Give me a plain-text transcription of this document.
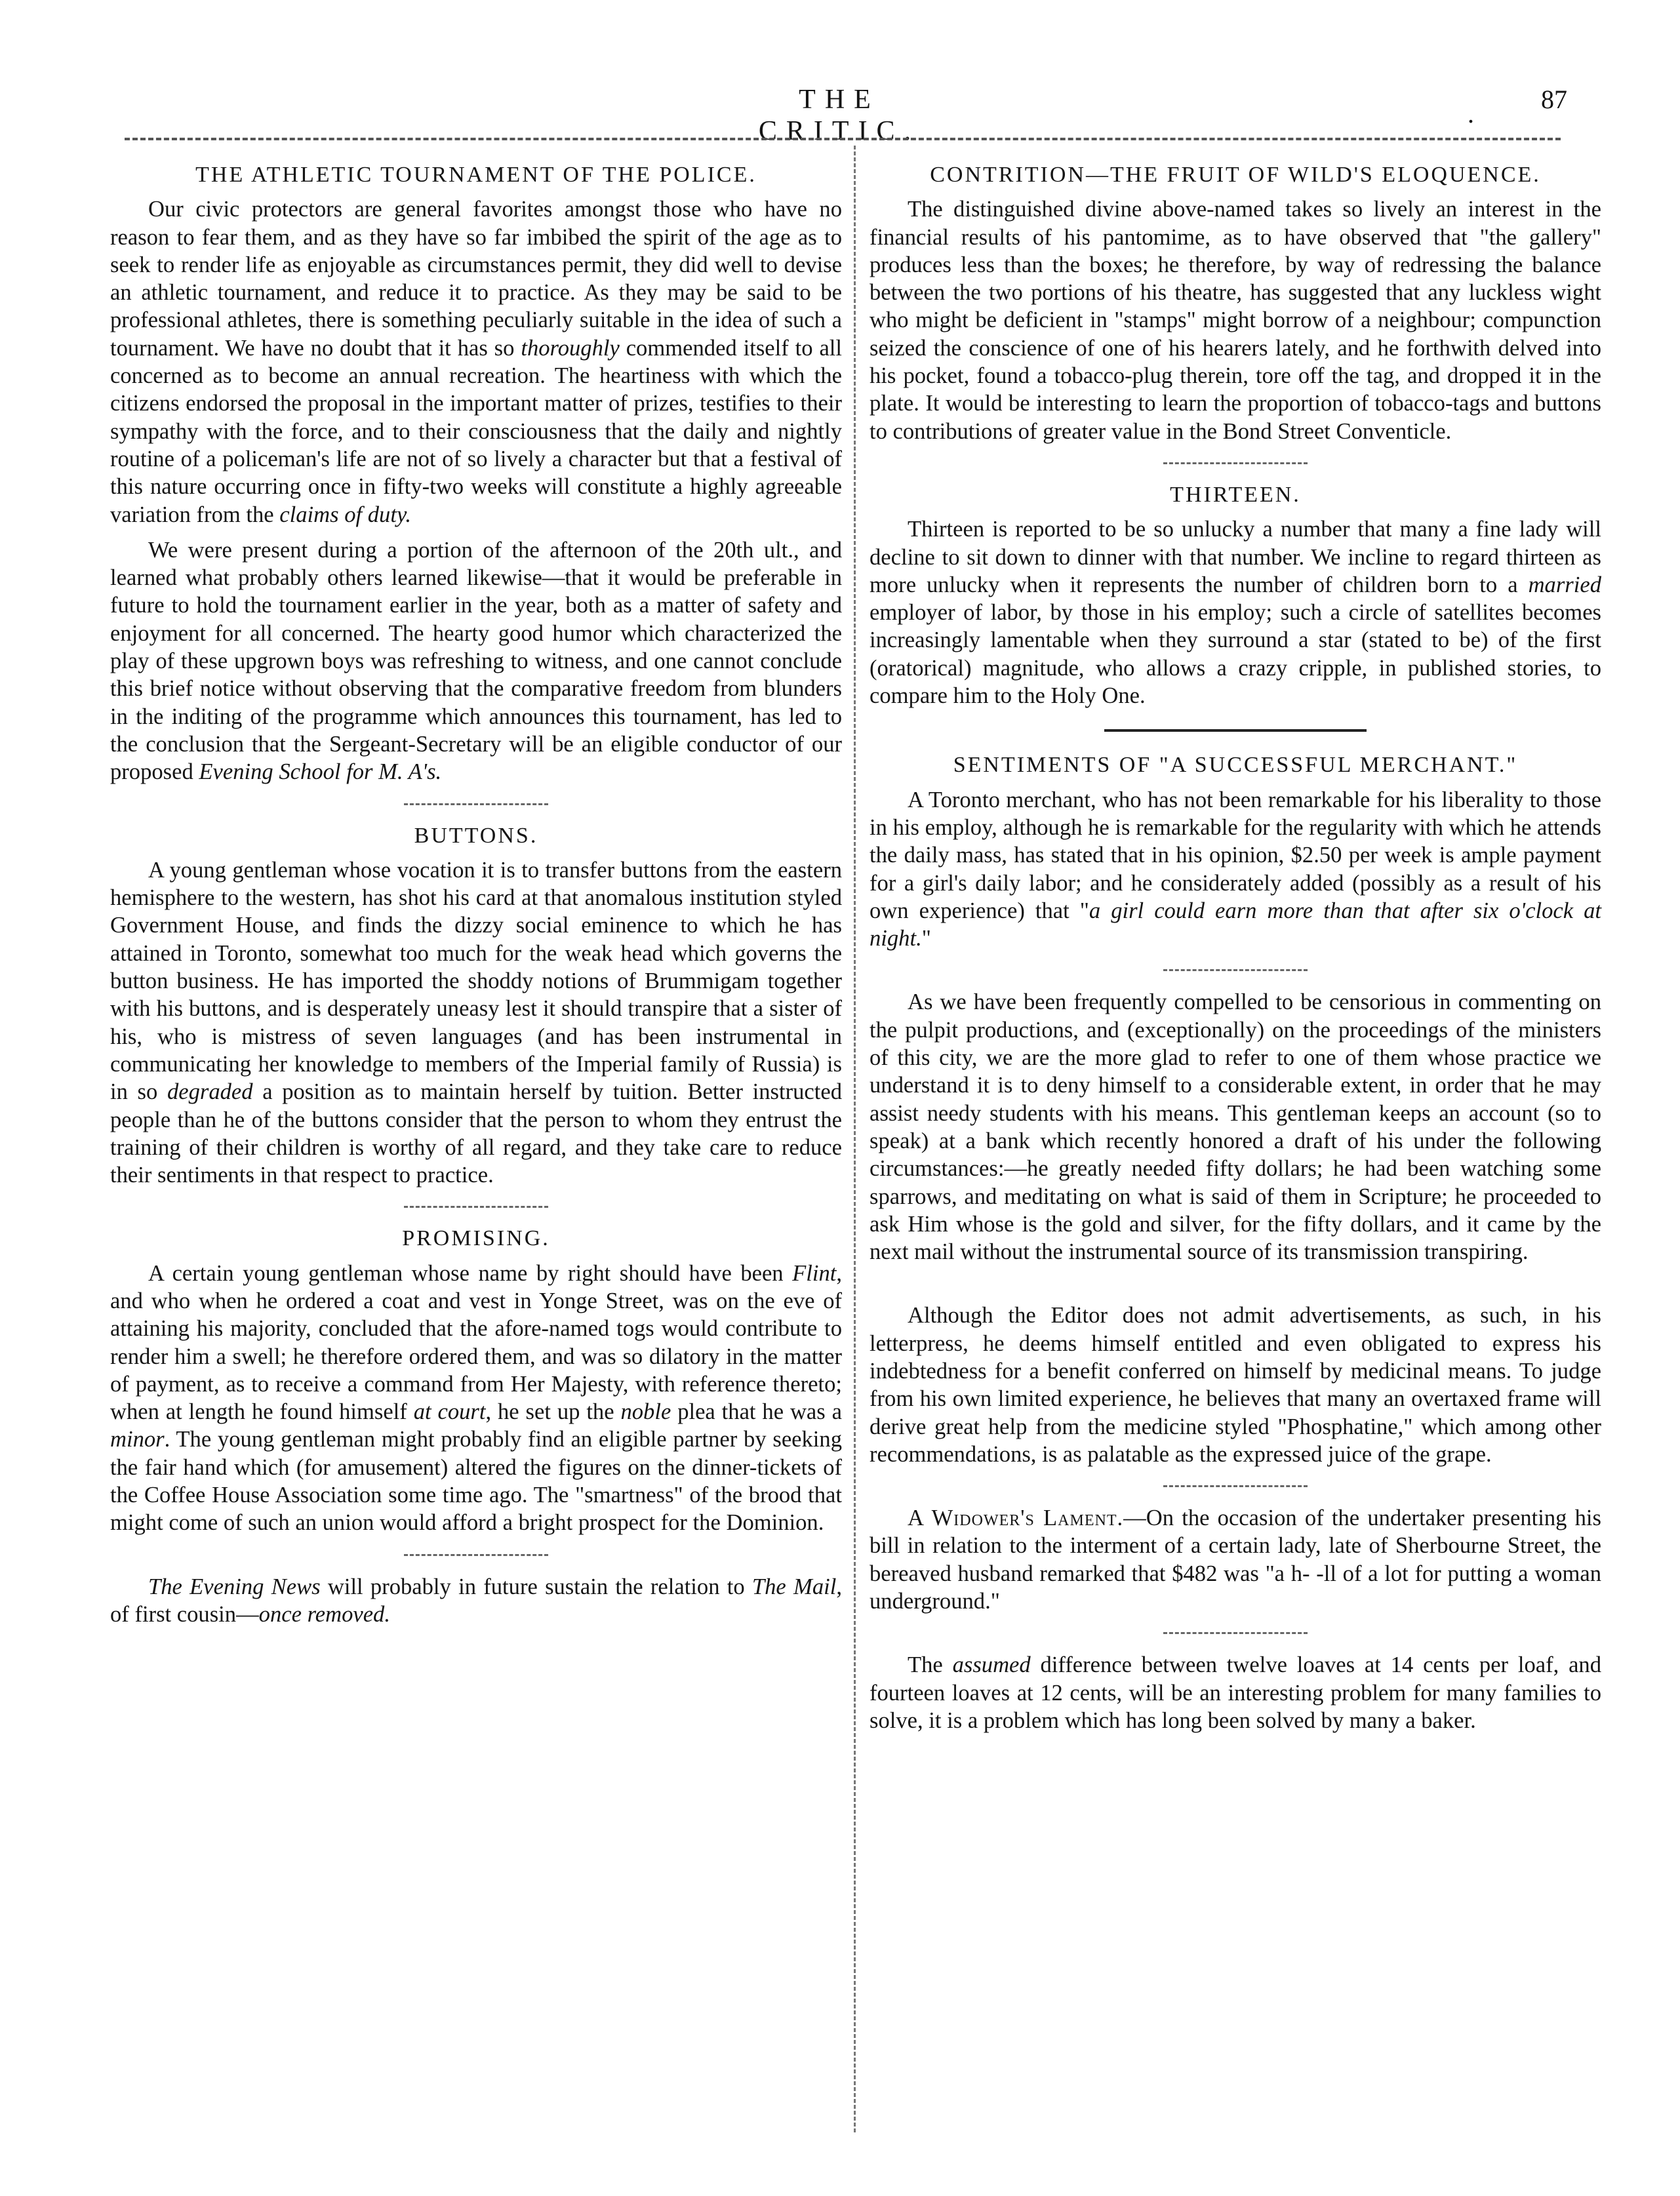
THE CRITIC.
.	87
THE ATHLETIC TOURNAMENT OF THE POLICE.

Our civic protectors are general favorites amongst those who have no reason to fear them, and as they have so far imbibed the spirit of the age as to seek to render life as enjoyable as circumstances permit, they did well to devise an athletic tournament, and reduce it to practice. As they may be said to be professional athletes, there is something peculiarly suitable in the idea of such a tournament. We have no doubt that it has so thoroughly commended itself to all concerned as to become an annual recreation. The heartiness with which the citizens endorsed the proposal in the important matter of prizes, testifies to their sympathy with the force, and to their consciousness that the daily and nightly routine of a policeman's life are not of so lively a character but that a festival of this nature occurring once in fifty-two weeks will constitute a highly agreeable variation from the claims of duty.

We were present during a portion of the afternoon of the 20th ult., and learned what probably others learned likewise—that it would be preferable in future to hold the tournament earlier in the year, both as a matter of safety and enjoyment for all concerned. The hearty good humor which characterized the play of these upgrown boys was refreshing to witness, and one cannot conclude this brief notice without observing that the comparative freedom from blunders in the inditing of the programme which announces this tournament, has led to the conclusion that the Sergeant-Secretary will be an eligible conductor of our proposed Evening School for M. A's.

BUTTONS.

A young gentleman whose vocation it is to transfer buttons from the eastern hemisphere to the western, has shot his card at that anomalous institution styled Government House, and finds the dizzy social eminence to which he has attained in Toronto, somewhat too much for the weak head which governs the button business. He has imported the shoddy notions of Brummigam together with his buttons, and is desperately uneasy lest it should transpire that a sister of his, who is mistress of seven languages (and has been instrumental in communicating her knowledge to members of the Imperial family of Russia) is in so degraded a position as to maintain herself by tuition. Better instructed people than he of the buttons consider that the person to whom they entrust the training of their children is worthy of all regard, and they take care to reduce their sentiments in that respect to practice.

PROMISING.

A certain young gentleman whose name by right should have been Flint, and who when he ordered a coat and vest in Yonge Street, was on the eve of attaining his majority, concluded that the afore-named togs would contribute to render him a swell; he therefore ordered them, and was so dilatory in the matter of payment, as to receive a command from Her Majesty, with reference thereto; when at length he found himself at court, he set up the noble plea that he was a minor. The young gentleman might probably find an eligible partner by seeking the fair hand which (for amusement) altered the figures on the dinner-tickets of the Coffee House Association some time ago. The "smartness" of the brood that might come of such an union would afford a bright prospect for the Dominion.

The Evening News will probably in future sustain the relation to The Mail, of first cousin—once removed.

CONTRITION—THE FRUIT OF WILD'S ELOQUENCE.

The distinguished divine above-named takes so lively an interest in the financial results of his pantomime, as to have observed that "the gallery" produces less than the boxes; he therefore, by way of redressing the balance between the two portions of his theatre, has suggested that any luckless wight who might be deficient in "stamps" might borrow of a neighbour; compunction seized the conscience of one of his hearers lately, and he forthwith delved into his pocket, found a tobacco-plug therein, tore off the tag, and dropped it in the plate. It would be interesting to learn the proportion of tobacco-tags and buttons to contributions of greater value in the Bond Street Conventicle.

THIRTEEN.

Thirteen is reported to be so unlucky a number that many a fine lady will decline to sit down to dinner with that number. We incline to regard thirteen as more unlucky when it represents the number of children born to a married employer of labor, by those in his employ; such a circle of satellites becomes increasingly lamentable when they surround a star (stated to be) of the first (oratorical) magnitude, who allows a crazy cripple, in published stories, to compare him to the Holy One.

SENTIMENTS OF "A SUCCESSFUL MERCHANT."

A Toronto merchant, who has not been remarkable for his liberality to those in his employ, although he is remarkable for the regularity with which he attends the daily mass, has stated that in his opinion, $2.50 per week is ample payment for a girl's daily labor; and he considerately added (possibly as a result of his own experience) that "a girl could earn more than that after six o'clock at night."

As we have been frequently compelled to be censorious in commenting on the pulpit productions, and (exceptionally) on the proceedings of the ministers of this city, we are the more glad to refer to one of them whose practice we understand it is to deny himself to a considerable extent, in order that he may assist needy students with his means. This gentleman keeps an account (so to speak) at a bank which recently honored a draft of his under the following circumstances:—he greatly needed fifty dollars; he had been watching some sparrows, and meditating on what is said of them in Scripture; he proceeded to ask Him whose is the gold and silver, for the fifty dollars, and it came by the next mail without the instrumental source of its transmission transpiring.

Although the Editor does not admit advertisements, as such, in his letterpress, he deems himself entitled and even obligated to express his indebtedness for a benefit conferred on himself by medicinal means. To judge from his own limited experience, he believes that many an overtaxed frame will derive great help from the medicine styled "Phosphatine," which among other recommendations, is as palatable as the expressed juice of the grape.

A Widower's Lament.—On the occasion of the undertaker presenting his bill in relation to the interment of a certain lady, late of Sherbourne Street, the bereaved husband remarked that $482 was "a h- -ll of a lot for putting a woman underground."

The assumed difference between twelve loaves at 14 cents per loaf, and fourteen loaves at 12 cents, will be an interesting problem for many families to solve, it is a problem which has long been solved by many a baker.
